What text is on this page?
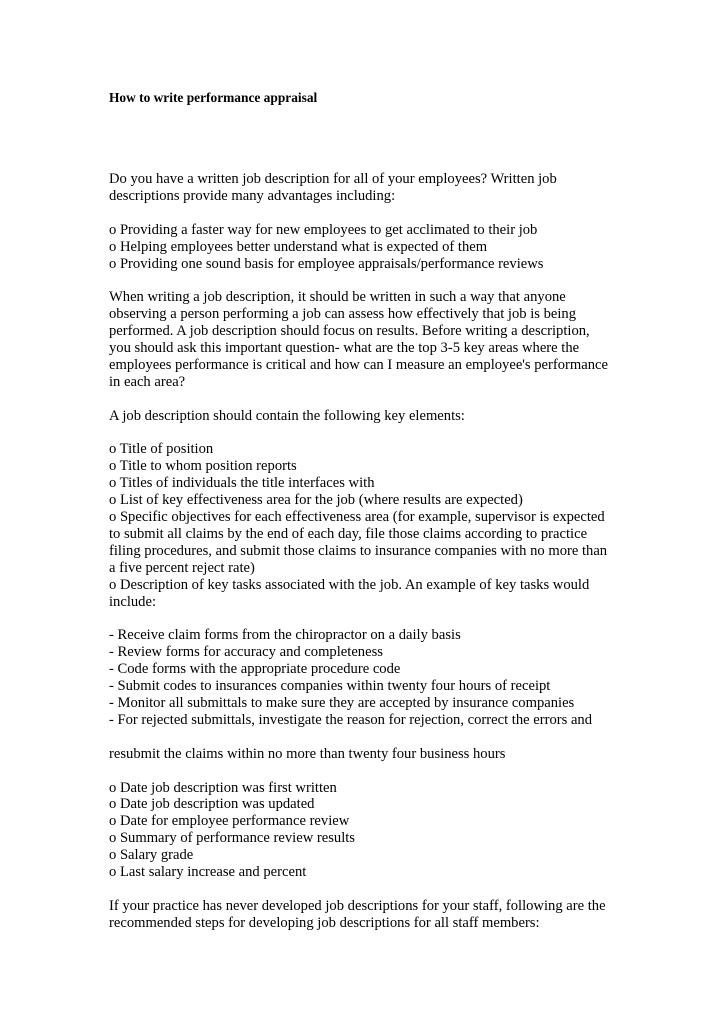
How to write performance appraisal

Do you have a written job description for all of your employees? Written job
descriptions provide many advantages including:

o Providing a faster way for new employees to get acclimated to their job
o Helping employees better understand what is expected of them
o Providing one sound basis for employee appraisals/performance reviews

When writing a job description, it should be written in such a way that anyone
observing a person performing a job can assess how effectively that job is being
performed. A job description should focus on results. Before writing a description,
you should ask this important question- what are the top 3-5 key areas where the
employees performance is critical and how can I measure an employee's performance
in each area?

A job description should contain the following key elements:

o Title of position
o Title to whom position reports
o Titles of individuals the title interfaces with
o List of key effectiveness area for the job (where results are expected)
o Specific objectives for each effectiveness area (for example, supervisor is expected
to submit all claims by the end of each day, file those claims according to practice
filing procedures, and submit those claims to insurance companies with no more than
a five percent reject rate)
o Description of key tasks associated with the job. An example of key tasks would
include:

- Receive claim forms from the chiropractor on a daily basis
- Review forms for accuracy and completeness
- Code forms with the appropriate procedure code
- Submit codes to insurances companies within twenty four hours of receipt
- Monitor all submittals to make sure they are accepted by insurance companies
- For rejected submittals, investigate the reason for rejection, correct the errors and

resubmit the claims within no more than twenty four business hours

o Date job description was first written
o Date job description was updated
o Date for employee performance review
o Summary of performance review results
o Salary grade
o Last salary increase and percent

If your practice has never developed job descriptions for your staff, following are the
recommended steps for developing job descriptions for all staff members:
